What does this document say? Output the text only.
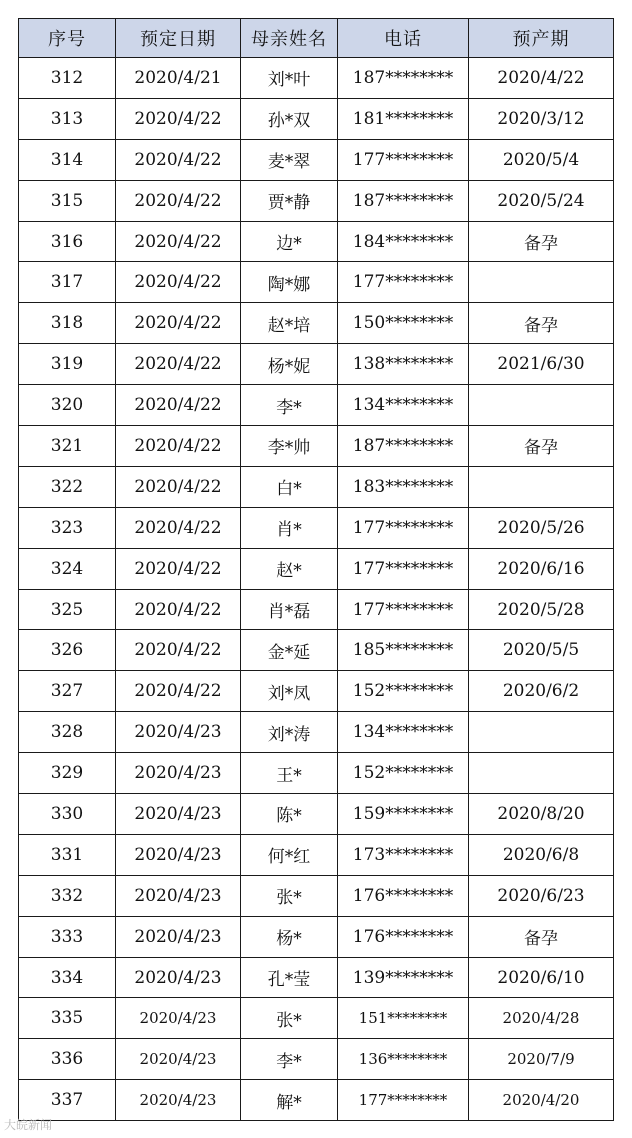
序号	预定日期	母亲姓名	电话	预产期
312	2020/4/21	刘*叶	187********	2020/4/22
313	2020/4/22	孙*双	181********	2020/3/12
314	2020/4/22	麦*翠	177********	2020/5/4
315	2020/4/22	贾*静	187********	2020/5/24
316	2020/4/22	边*	184********	备孕
317	2020/4/22	陶*娜	177********	
318	2020/4/22	赵*培	150********	备孕
319	2020/4/22	杨*妮	138********	2021/6/30
320	2020/4/22	李*	134********	
321	2020/4/22	李*帅	187********	备孕
322	2020/4/22	白*	183********	
323	2020/4/22	肖*	177********	2020/5/26
324	2020/4/22	赵*	177********	2020/6/16
325	2020/4/22	肖*磊	177********	2020/5/28
326	2020/4/22	金*延	185********	2020/5/5
327	2020/4/22	刘*凤	152********	2020/6/2
328	2020/4/23	刘*涛	134********	
329	2020/4/23	王*	152********	
330	2020/4/23	陈*	159********	2020/8/20
331	2020/4/23	何*红	173********	2020/6/8
332	2020/4/23	张*	176********	2020/6/23
333	2020/4/23	杨*	176********	备孕
334	2020/4/23	孔*莹	139********	2020/6/10
335	2020/4/23	张*	151********	2020/4/28
336	2020/4/23	李*	136********	2020/7/9
337	2020/4/23	解*	177********	2020/4/20
大皖新闻
